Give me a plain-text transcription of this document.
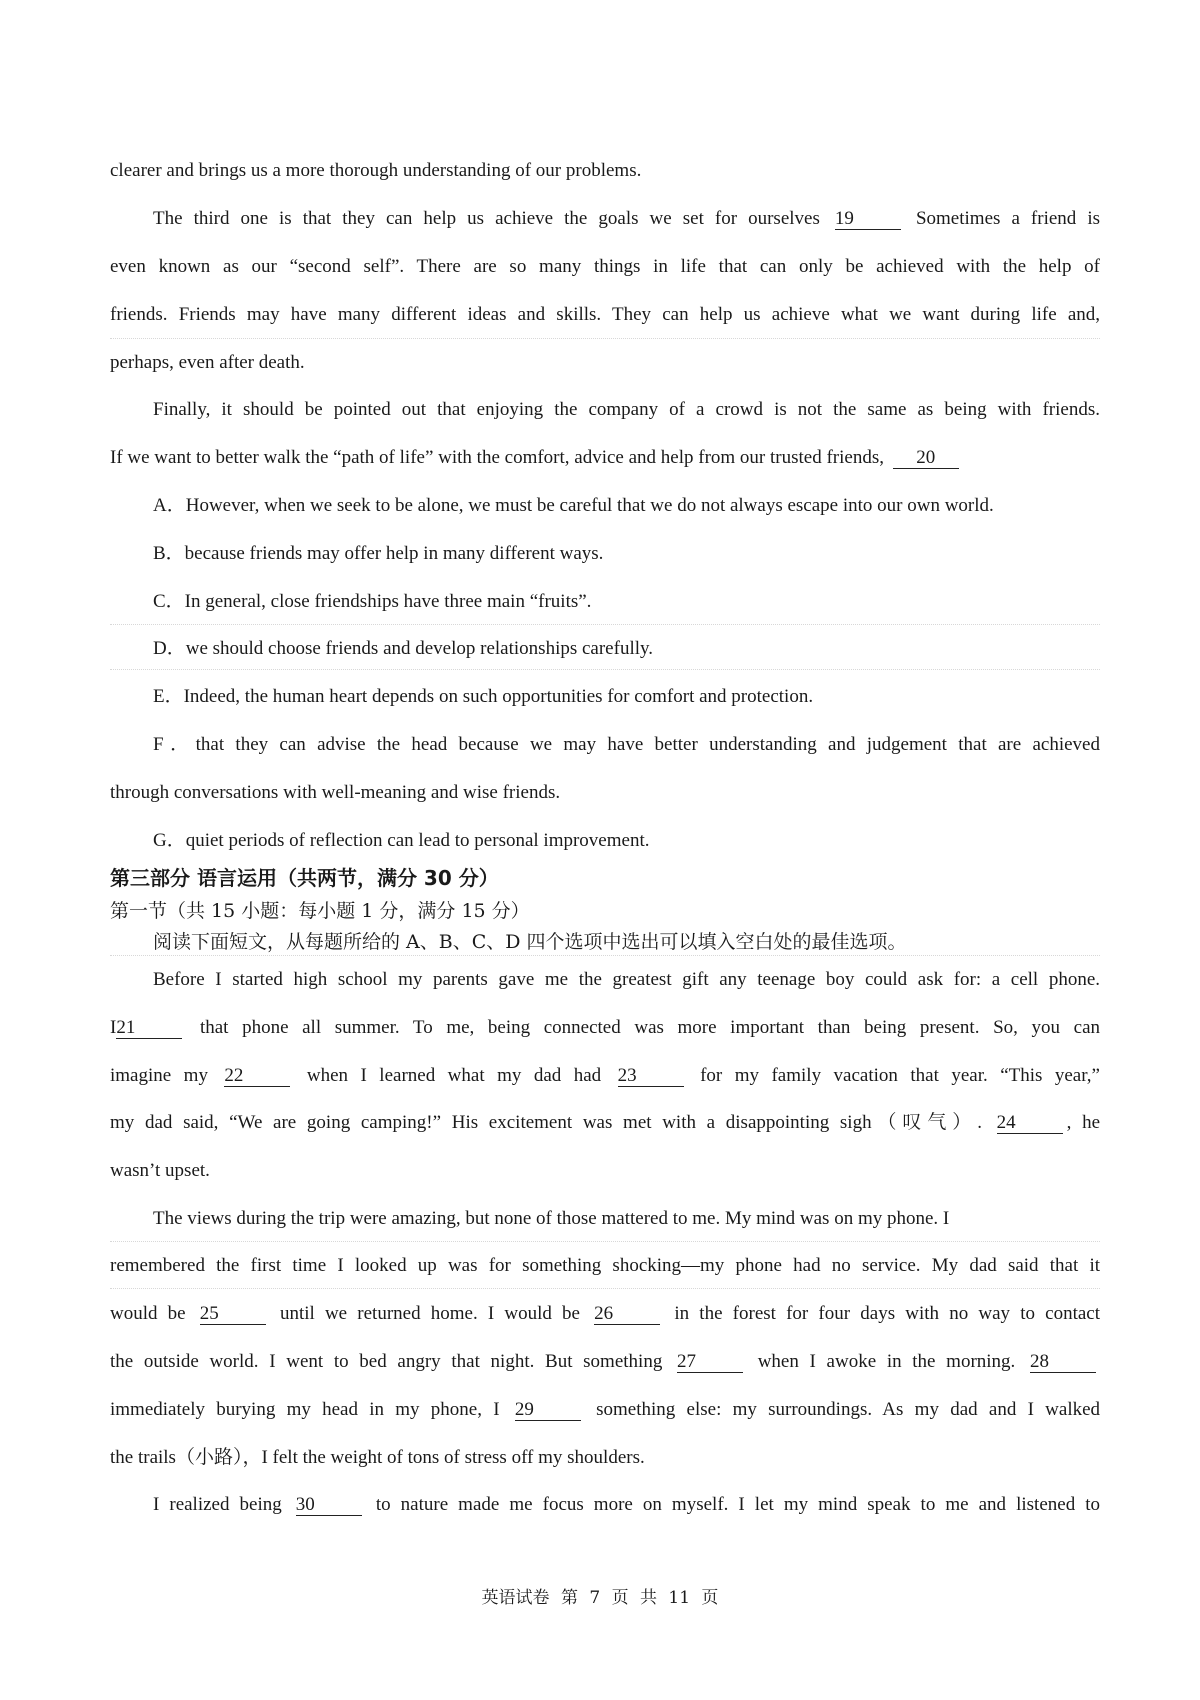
clearer and brings us a more thorough understanding of our problems.
The third one is that they can help us achieve the goals we set for ourselves 19	Sometimes a friend is
even known as our “second self”. There are so many things in life that can only be achieved with the help of
friends. Friends may have many different ideas and skills. They can help us achieve what we want during life and,
perhaps, even after death.
Finally, it should be pointed out that enjoying the company of a crowd is not the same as being with friends.
If we want to better walk the “path of life” with the comfort, advice and help from our trusted friends, 20
A．However, when we seek to be alone, we must be careful that we do not always escape into our own world.
B．because friends may offer help in many different ways.
C．In general, close friendships have three main “fruits”.
D．we should choose friends and develop relationships carefully.
E．Indeed, the human heart depends on such opportunities for comfort and protection.
F．that they can advise the head because we may have better understanding and judgement that are achieved
through conversations with well-meaning and wise friends.
G．quiet periods of reflection can lead to personal improvement.
第三部分 语言运用（共两节，满分 30 分）
第一节（共 15 小题：每小题 1 分，满分 15 分）
阅读下面短文，从每题所给的 A、B、C、D 四个选项中选出可以填入空白处的最佳选项。
Before I started high school my parents gave me the greatest gift any teenage boy could ask for: a cell phone.
I21	that phone all summer. To me, being connected was more important than being present. So, you can
imagine my 22	when I learned what my dad had 23	for my family vacation that year. “This year,”
my dad said, “We are going camping!” His excitement was met with a disappointing sigh（叹气）. 24	, he
wasn’t upset.
The views during the trip were amazing, but none of those mattered to me. My mind was on my phone. I
remembered the first time I looked up was for something shocking—my phone had no service. My dad said that it
would be 25	until we returned home. I would be 26	in the forest for four days with no way to contact
the outside world. I went to bed angry that night. But something 27	when I awoke in the morning. 28
immediately burying my head in my phone, I 29	something else: my surroundings. As my dad and I walked
the trails（小路），I felt the weight of tons of stress off my shoulders.
I realized being 30	to nature made me focus more on myself. I let my mind speak to me and listened to
英语试卷 第 7 页 共 11 页
